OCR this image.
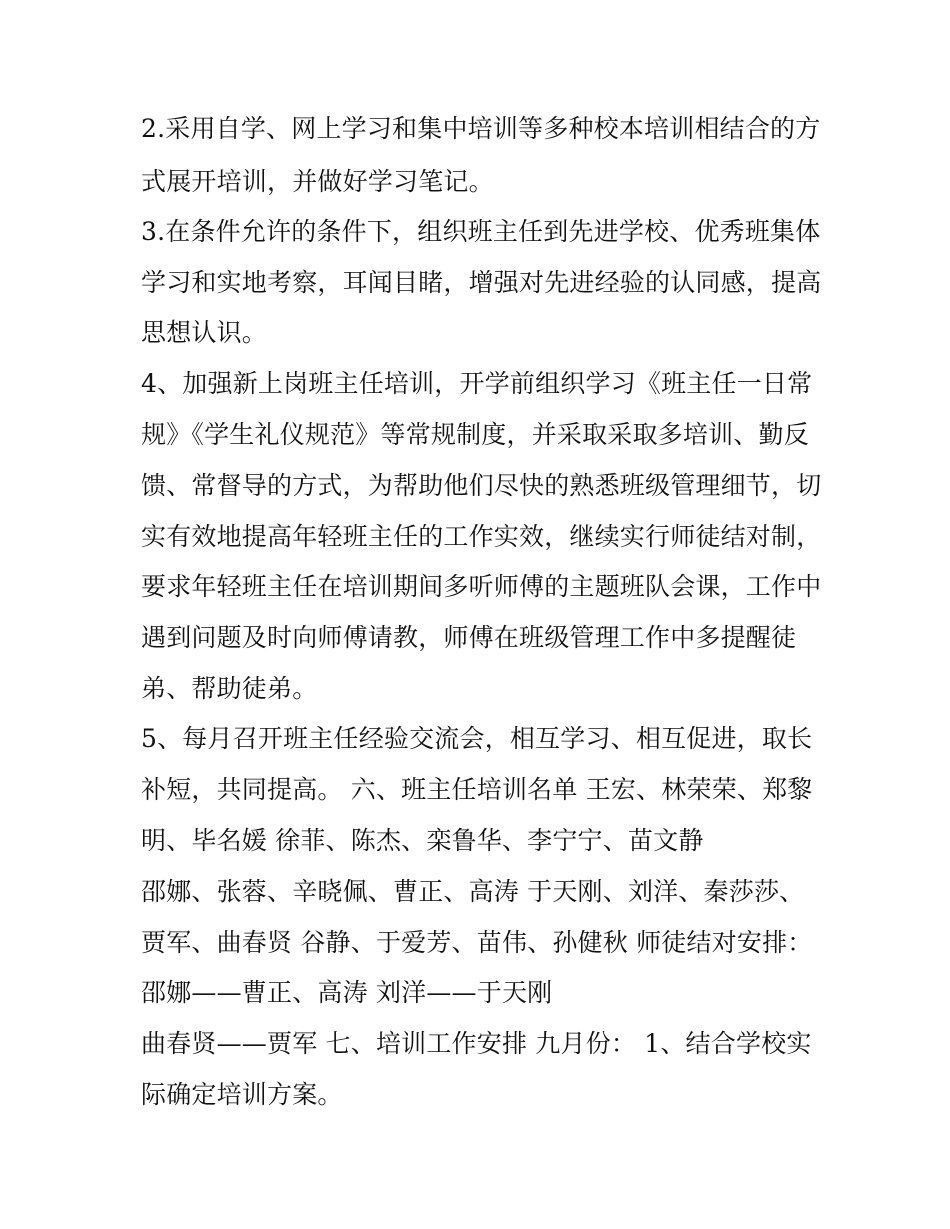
2.采用自学、网上学习和集中培训等多种校本培训相结合的方
式展开培训，并做好学习笔记。
3.在条件允许的条件下，组织班主任到先进学校、优秀班集体
学习和实地考察，耳闻目睹，增强对先进经验的认同感，提高
思想认识。
4、加强新上岗班主任培训，开学前组织学习《班主任一日常
规》《学生礼仪规范》等常规制度，并采取采取多培训、勤反
馈、常督导的方式，为帮助他们尽快的熟悉班级管理细节，切
实有效地提高年轻班主任的工作实效，继续实行师徒结对制，
要求年轻班主任在培训期间多听师傅的主题班队会课，工作中
遇到问题及时向师傅请教，师傅在班级管理工作中多提醒徒
弟、帮助徒弟。
5、每月召开班主任经验交流会，相互学习、相互促进，取长
补短，共同提高。 六、班主任培训名单 王宏、林荣荣、郑黎
明、毕名媛 徐菲、陈杰、栾鲁华、李宁宁、苗文静
邵娜、张蓉、辛晓佩、曹正、高涛 于天刚、刘洋、秦莎莎、
贾军、曲春贤 谷静、于爱芳、苗伟、孙健秋 师徒结对安排：
邵娜——曹正、高涛 刘洋——于天刚
曲春贤——贾军 七、培训工作安排 九月份： 1、结合学校实
际确定培训方案。
